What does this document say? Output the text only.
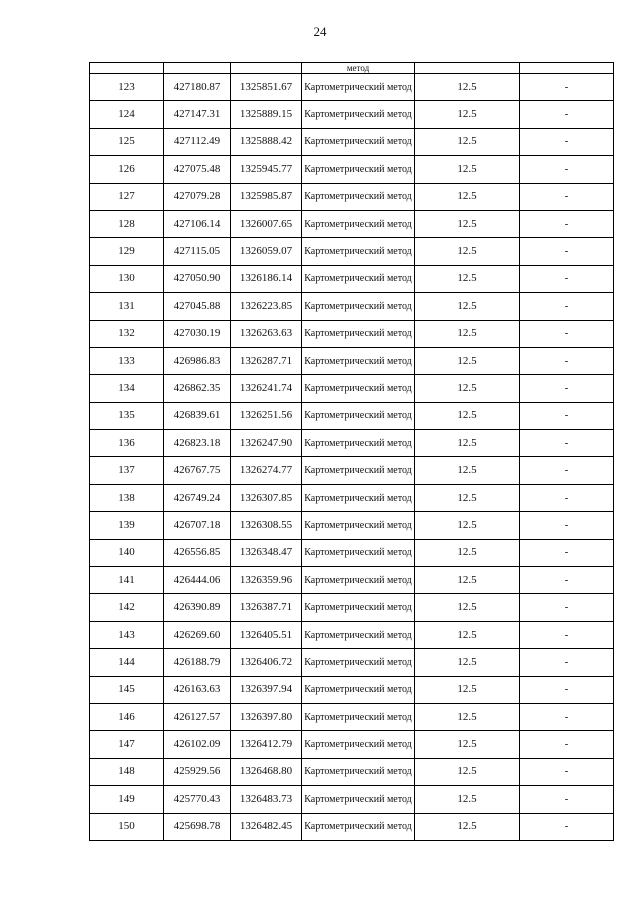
24
			метод		
123	427180.87	1325851.67	Картометрический метод	12.5	-
124	427147.31	1325889.15	Картометрический метод	12.5	-
125	427112.49	1325888.42	Картометрический метод	12.5	-
126	427075.48	1325945.77	Картометрический метод	12.5	-
127	427079.28	1325985.87	Картометрический метод	12.5	-
128	427106.14	1326007.65	Картометрический метод	12.5	-
129	427115.05	1326059.07	Картометрический метод	12.5	-
130	427050.90	1326186.14	Картометрический метод	12.5	-
131	427045.88	1326223.85	Картометрический метод	12.5	-
132	427030.19	1326263.63	Картометрический метод	12.5	-
133	426986.83	1326287.71	Картометрический метод	12.5	-
134	426862.35	1326241.74	Картометрический метод	12.5	-
135	426839.61	1326251.56	Картометрический метод	12.5	-
136	426823.18	1326247.90	Картометрический метод	12.5	-
137	426767.75	1326274.77	Картометрический метод	12.5	-
138	426749.24	1326307.85	Картометрический метод	12.5	-
139	426707.18	1326308.55	Картометрический метод	12.5	-
140	426556.85	1326348.47	Картометрический метод	12.5	-
141	426444.06	1326359.96	Картометрический метод	12.5	-
142	426390.89	1326387.71	Картометрический метод	12.5	-
143	426269.60	1326405.51	Картометрический метод	12.5	-
144	426188.79	1326406.72	Картометрический метод	12.5	-
145	426163.63	1326397.94	Картометрический метод	12.5	-
146	426127.57	1326397.80	Картометрический метод	12.5	-
147	426102.09	1326412.79	Картометрический метод	12.5	-
148	425929.56	1326468.80	Картометрический метод	12.5	-
149	425770.43	1326483.73	Картометрический метод	12.5	-
150	425698.78	1326482.45	Картометрический метод	12.5	-
